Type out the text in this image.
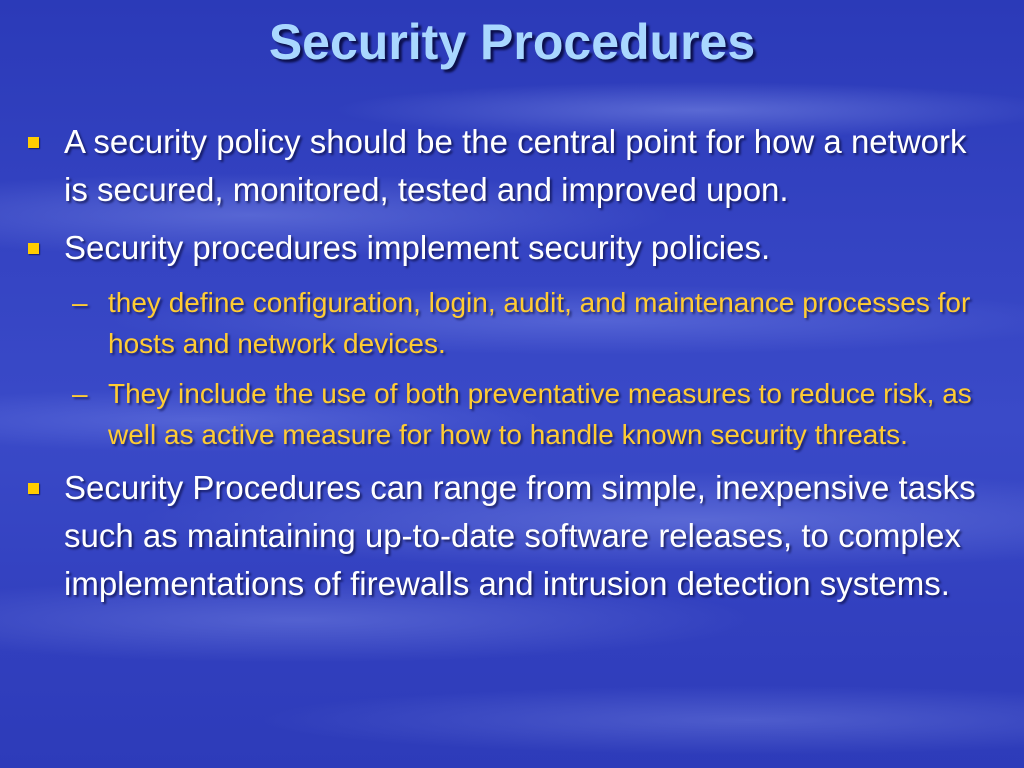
Security Procedures
A security policy should be the central point for how a network is secured, monitored, tested and improved upon.
Security procedures implement security policies.
– they define configuration, login, audit, and maintenance processes for hosts and network devices.
– They include the use of both preventative measures to reduce risk, as well as active measure for how to handle known security threats.
Security Procedures can range from simple, inexpensive tasks such as maintaining up-to-date software releases, to complex implementations of firewalls and intrusion detection systems.
